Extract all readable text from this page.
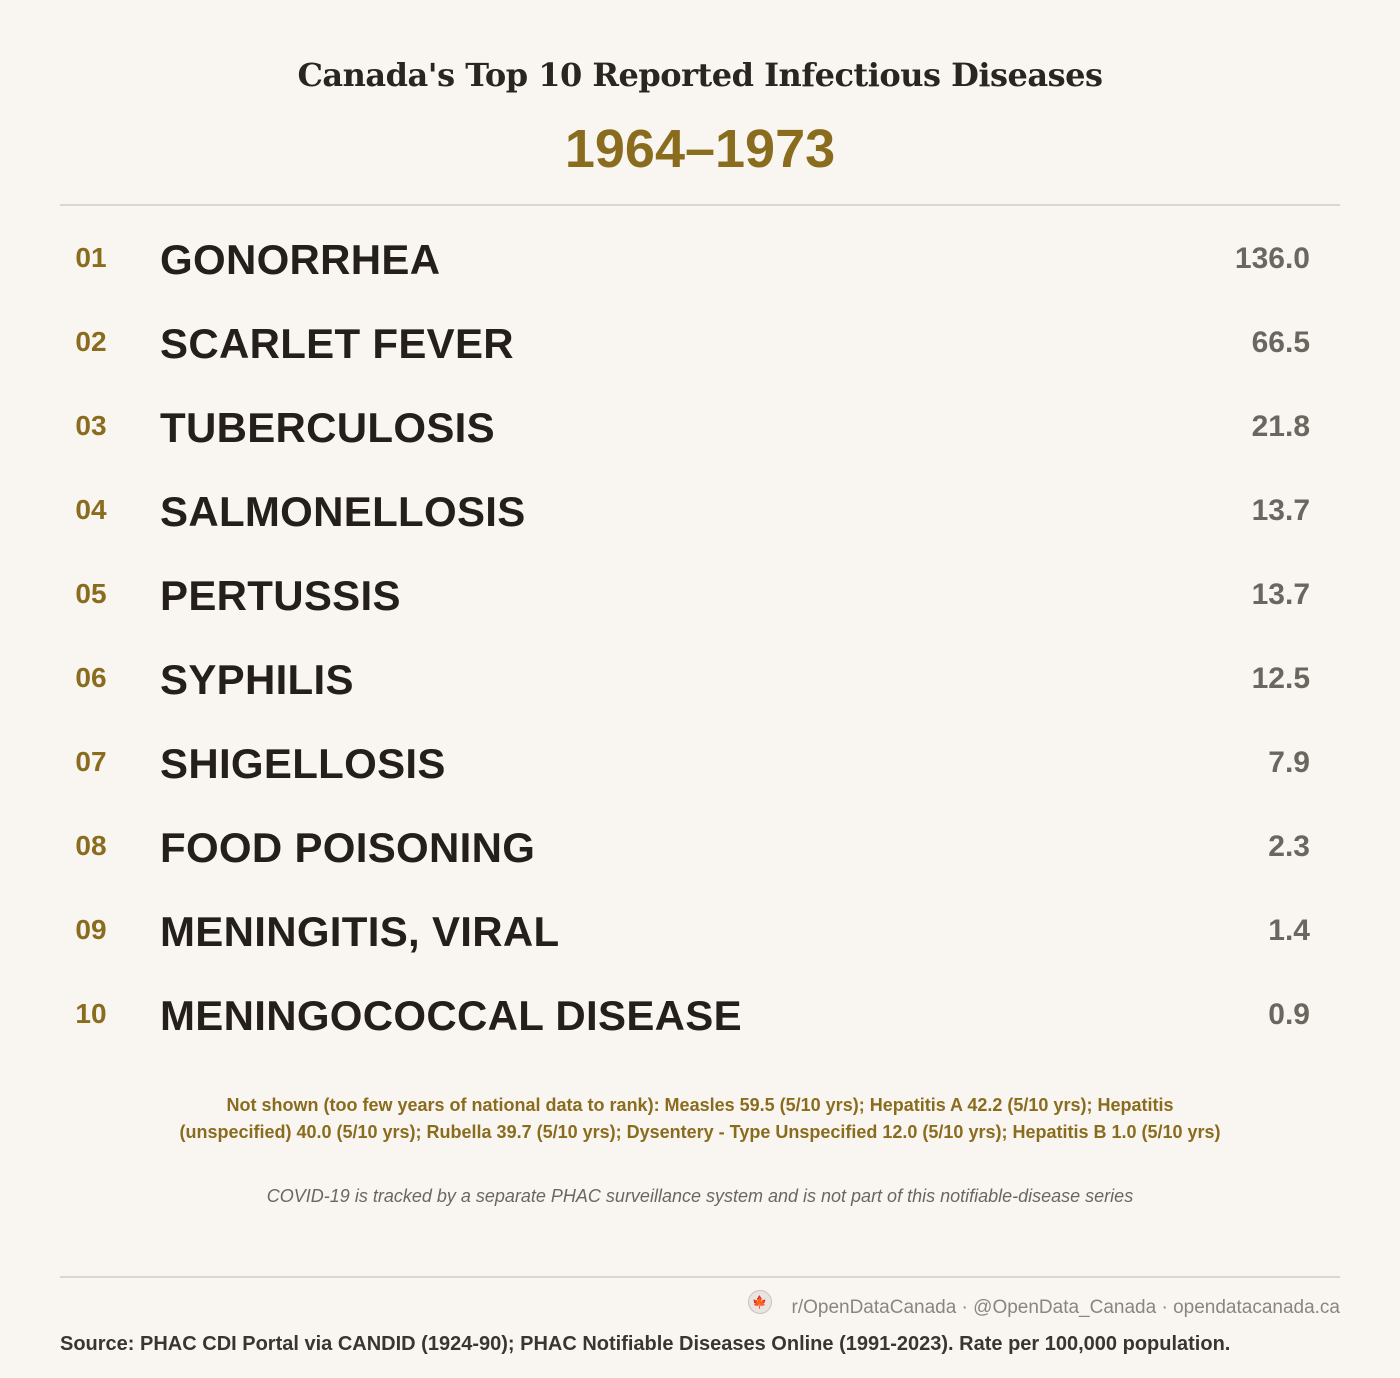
Canada's Top 10 Reported Infectious Diseases
1964–1973
01	GONORRHEA	136.0
02	SCARLET FEVER	66.5
03	TUBERCULOSIS	21.8
04	SALMONELLOSIS	13.7
05	PERTUSSIS	13.7
06	SYPHILIS	12.5
07	SHIGELLOSIS	7.9
08	FOOD POISONING	2.3
09	MENINGITIS, VIRAL	1.4
10	MENINGOCOCCAL DISEASE	0.9
Not shown (too few years of national data to rank): Measles 59.5 (5/10 yrs); Hepatitis A 42.2 (5/10 yrs); Hepatitis (unspecified) 40.0 (5/10 yrs); Rubella 39.7 (5/10 yrs); Dysentery - Type Unspecified 12.0 (5/10 yrs); Hepatitis B 1.0 (5/10 yrs)
COVID-19 is tracked by a separate PHAC surveillance system and is not part of this notifiable-disease series
🍁 r/OpenDataCanada · @OpenData_Canada · opendatacanada.ca
Source: PHAC CDI Portal via CANDID (1924-90); PHAC Notifiable Diseases Online (1991-2023). Rate per 100,000 population.
